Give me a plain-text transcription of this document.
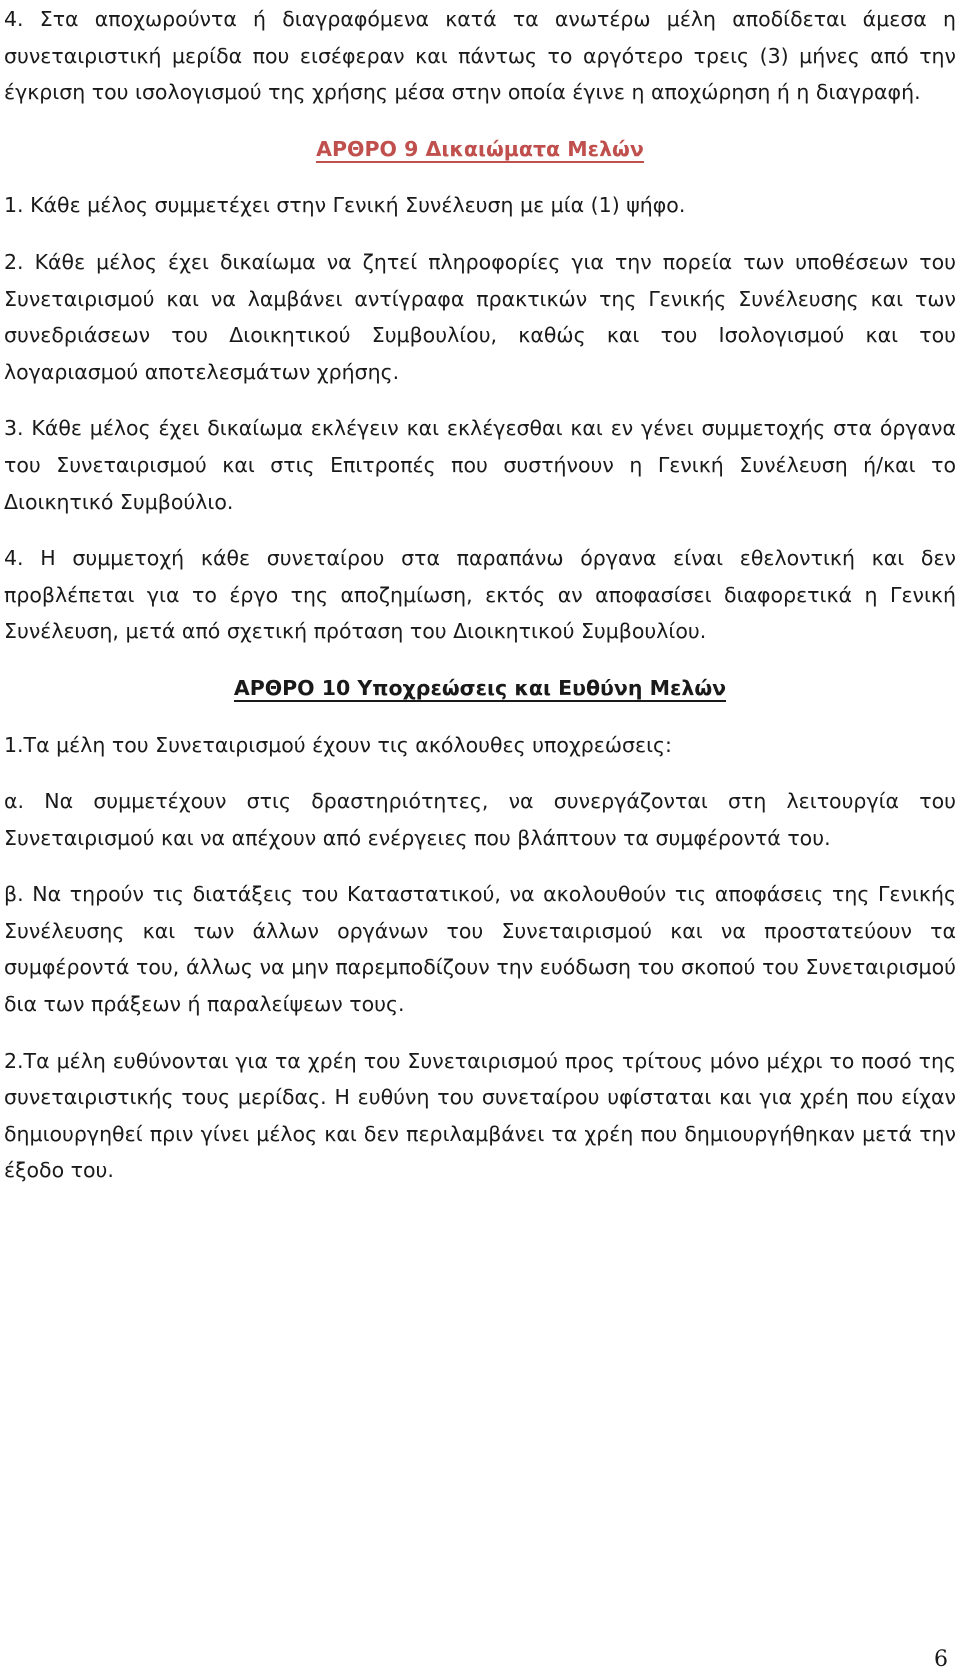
4. Στα αποχωρούντα ή διαγραφόμενα κατά τα ανωτέρω μέλη αποδίδεται άμεσα η συνεταιριστική μερίδα που εισέφεραν και πάντως το αργότερο τρεις (3) μήνες από την έγκριση του ισολογισμού της χρήσης μέσα στην οποία έγινε η αποχώρηση ή η διαγραφή.

ΑΡΘΡΟ 9 Δικαιώματα Μελών

1. Κάθε μέλος συμμετέχει στην Γενική Συνέλευση με μία (1) ψήφο.

2. Κάθε μέλος έχει δικαίωμα να ζητεί πληροφορίες για την πορεία των υποθέσεων του Συνεταιρισμού και να λαμβάνει αντίγραφα πρακτικών της Γενικής Συνέλευσης και των συνεδριάσεων του Διοικητικού Συμβουλίου, καθώς και του Ισολογισμού και του λογαριασμού αποτελεσμάτων χρήσης.

3. Κάθε μέλος έχει δικαίωμα εκλέγειν και εκλέγεσθαι και εν γένει συμμετοχής στα όργανα του Συνεταιρισμού και στις Επιτροπές που συστήνουν η Γενική Συνέλευση ή/και το Διοικητικό Συμβούλιο.

4. Η συμμετοχή κάθε συνεταίρου στα παραπάνω όργανα είναι εθελοντική και δεν προβλέπεται για το έργο της αποζημίωση, εκτός αν αποφασίσει διαφορετικά η Γενική Συνέλευση, μετά από σχετική πρόταση του Διοικητικού Συμβουλίου.

ΑΡΘΡΟ 10 Υποχρεώσεις και Ευθύνη Μελών

1.Τα μέλη του Συνεταιρισμού έχουν τις ακόλουθες υποχρεώσεις:

α. Να συμμετέχουν στις δραστηριότητες, να συνεργάζονται στη λειτουργία του Συνεταιρισμού και να απέχουν από ενέργειες που βλάπτουν τα συμφέροντά του.

β. Να τηρούν τις διατάξεις του Καταστατικού, να ακολουθούν τις αποφάσεις της Γενικής Συνέλευσης και των άλλων οργάνων του Συνεταιρισμού και να προστατεύουν τα συμφέροντά του, άλλως να μην παρεμποδίζουν την ευόδωση του σκοπού του Συνεταιρισμού δια των πράξεων ή παραλείψεων τους.

2.Τα μέλη ευθύνονται για τα χρέη του Συνεταιρισμού προς τρίτους μόνο μέχρι το ποσό της συνεταιριστικής τους μερίδας. Η ευθύνη του συνεταίρου υφίσταται και για χρέη που είχαν δημιουργηθεί πριν γίνει μέλος και δεν περιλαμβάνει τα χρέη που δημιουργήθηκαν μετά την έξοδο του.

6
